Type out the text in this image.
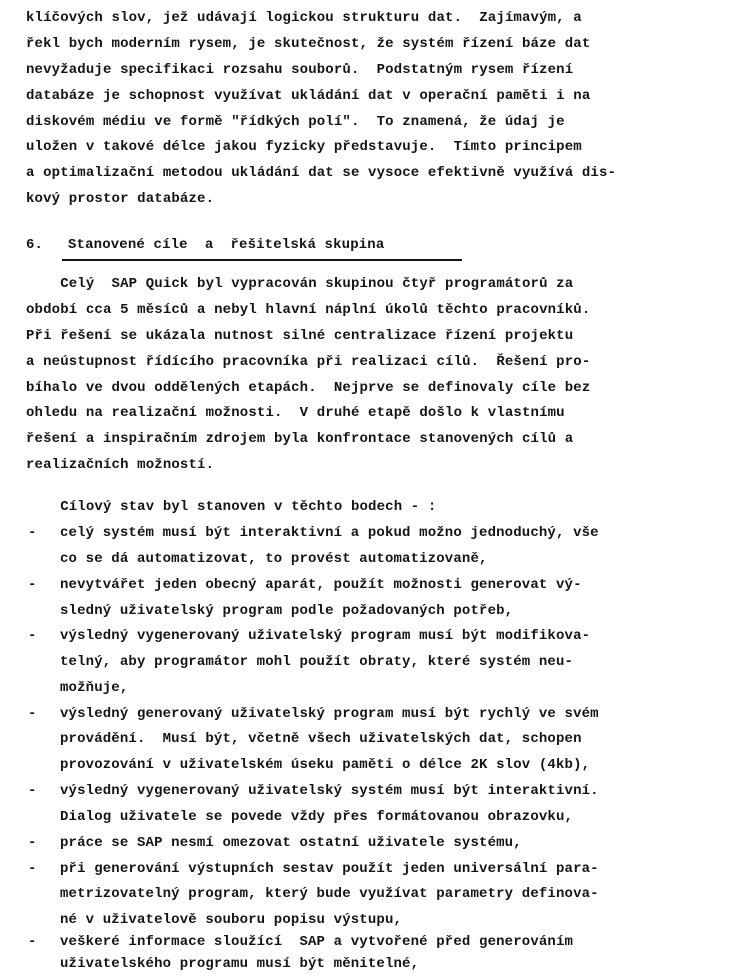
klíčových slov, jež udávají logickou strukturu dat.  Zajímavým, a
řekl bych moderním rysem, je skutečnost, že systém řízení báze dat
nevyžaduje specifikaci rozsahu souborů.  Podstatným rysem řízení
databáze je schopnost využívat ukládání dat v operační paměti i na
diskovém médiu ve formě "řídkých polí".  To znamená, že údaj je
uložen v takové délce jakou fyzicky představuje.  Tímto principem
a optimalizační metodou ukládání dat se vysoce efektivně využívá dis-
kový prostor databáze.
6. Stanovené cíle  a  řešitelská skupina
Celý  SAP Quick byl vypracován skupinou čtyř programátorů za
období cca 5 měsíců a nebyl hlavní náplní úkolů těchto pracovníků.
Při řešení se ukázala nutnost silné centralizace řízení projektu
a neústupnost řídícího pracovníka při realizaci cílů.  Řešení pro-
bíhalo ve dvou oddělených etapách.  Nejprve se definovaly cíle bez
ohledu na realizační možnosti.  V druhé etapě došlo k vlastnímu
řešení a inspiračním zdrojem byla konfrontace stanovených cílů a
realizačních možností.
Cílový stav byl stanoven v těchto bodech - :
- celý systém musí být interaktivní a pokud možno jednoduchý, vše
co se dá automatizovat, to provést automatizovaně,
- nevytvářet jeden obecný aparát, použít možnosti generovat vý-
sledný uživatelský program podle požadovaných potřeb,
- výsledný vygenerovaný uživatelský program musí být modifikova-
telný, aby programátor mohl použít obraty, které systém neu-
možňuje,
- výsledný generovaný uživatelský program musí být rychlý ve svém
provádění.  Musí být, včetně všech uživatelských dat, schopen
provozování v uživatelském úseku paměti o délce 2K slov (4kb),
- výsledný vygenerovaný uživatelský systém musí být interaktivní.
Dialog uživatele se povede vždy přes formátovanou obrazovku,
- práce se SAP nesmí omezovat ostatní uživatele systému,
- při generování výstupních sestav použít jeden universální para-
metrizovatelný program, který bude využívat parametry definova-
né v uživatelově souboru popisu výstupu,
- veškeré informace sloužící  SAP a vytvořené před generováním
uživatelského programu musí být měnitelné,
